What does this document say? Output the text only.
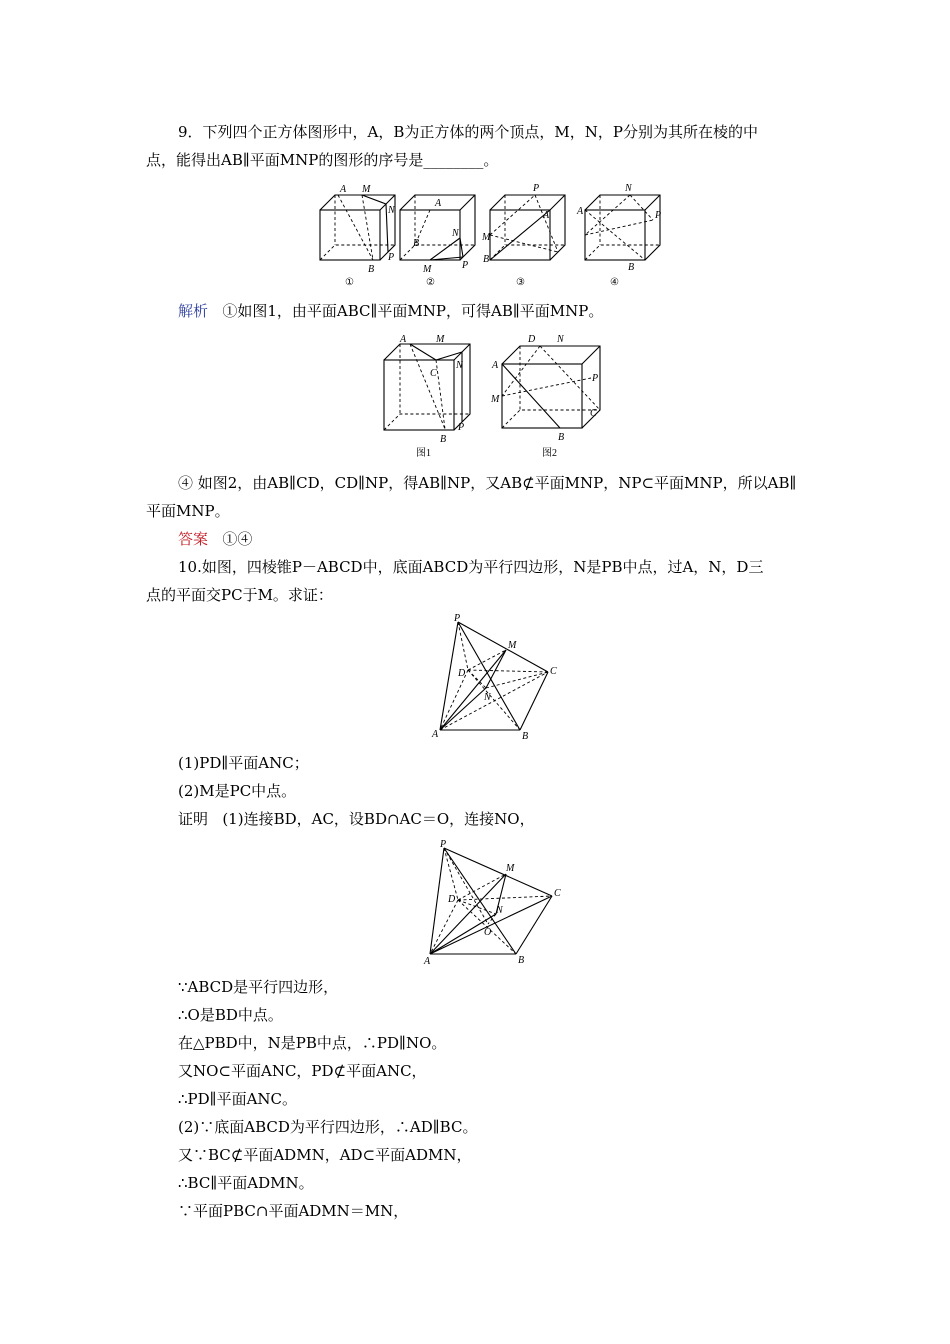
9．下列四个正方体图形中，A，B为正方体的两个顶点，M，N，P分别为其所在棱的中
点，能得出AB∥平面MNP的图形的序号是________。
A M
N
P
B
A
N
B
M	P
P
A
M
B
N
A	P
B
①	②	③	④
解析 ①如图1，由平面ABC∥平面MNP，可得AB∥平面MNP。
A	M
N
C
B
P
D N
A
P
M
C
B
图1	图2
④ 如图2，由AB∥CD，CD∥NP，得AB∥NP，又AB⊄平面MNP，NP⊂平面MNP，所以AB∥
平面MNP。
答案 ①④
10.如图，四棱锥P－ABCD中，底面ABCD为平行四边形，N是PB中点，过A，N，D三
点的平面交PC于M。求证：
P
M
D	C
N
A	B
(1)PD∥平面ANC；
(2)M是PC中点。
证明 (1)连接BD，AC，设BD∩AC＝O，连接NO，
P
M
D
C
N
O
A	B
∵ABCD是平行四边形，
∴O是BD中点。
在△PBD中，N是PB中点，∴PD∥NO。
又NO⊂平面ANC，PD⊄平面ANC，
∴PD∥平面ANC。
(2)∵底面ABCD为平行四边形，∴AD∥BC。
又∵BC⊄平面ADMN，AD⊂平面ADMN，
∴BC∥平面ADMN。
∵平面PBC∩平面ADMN＝MN，
